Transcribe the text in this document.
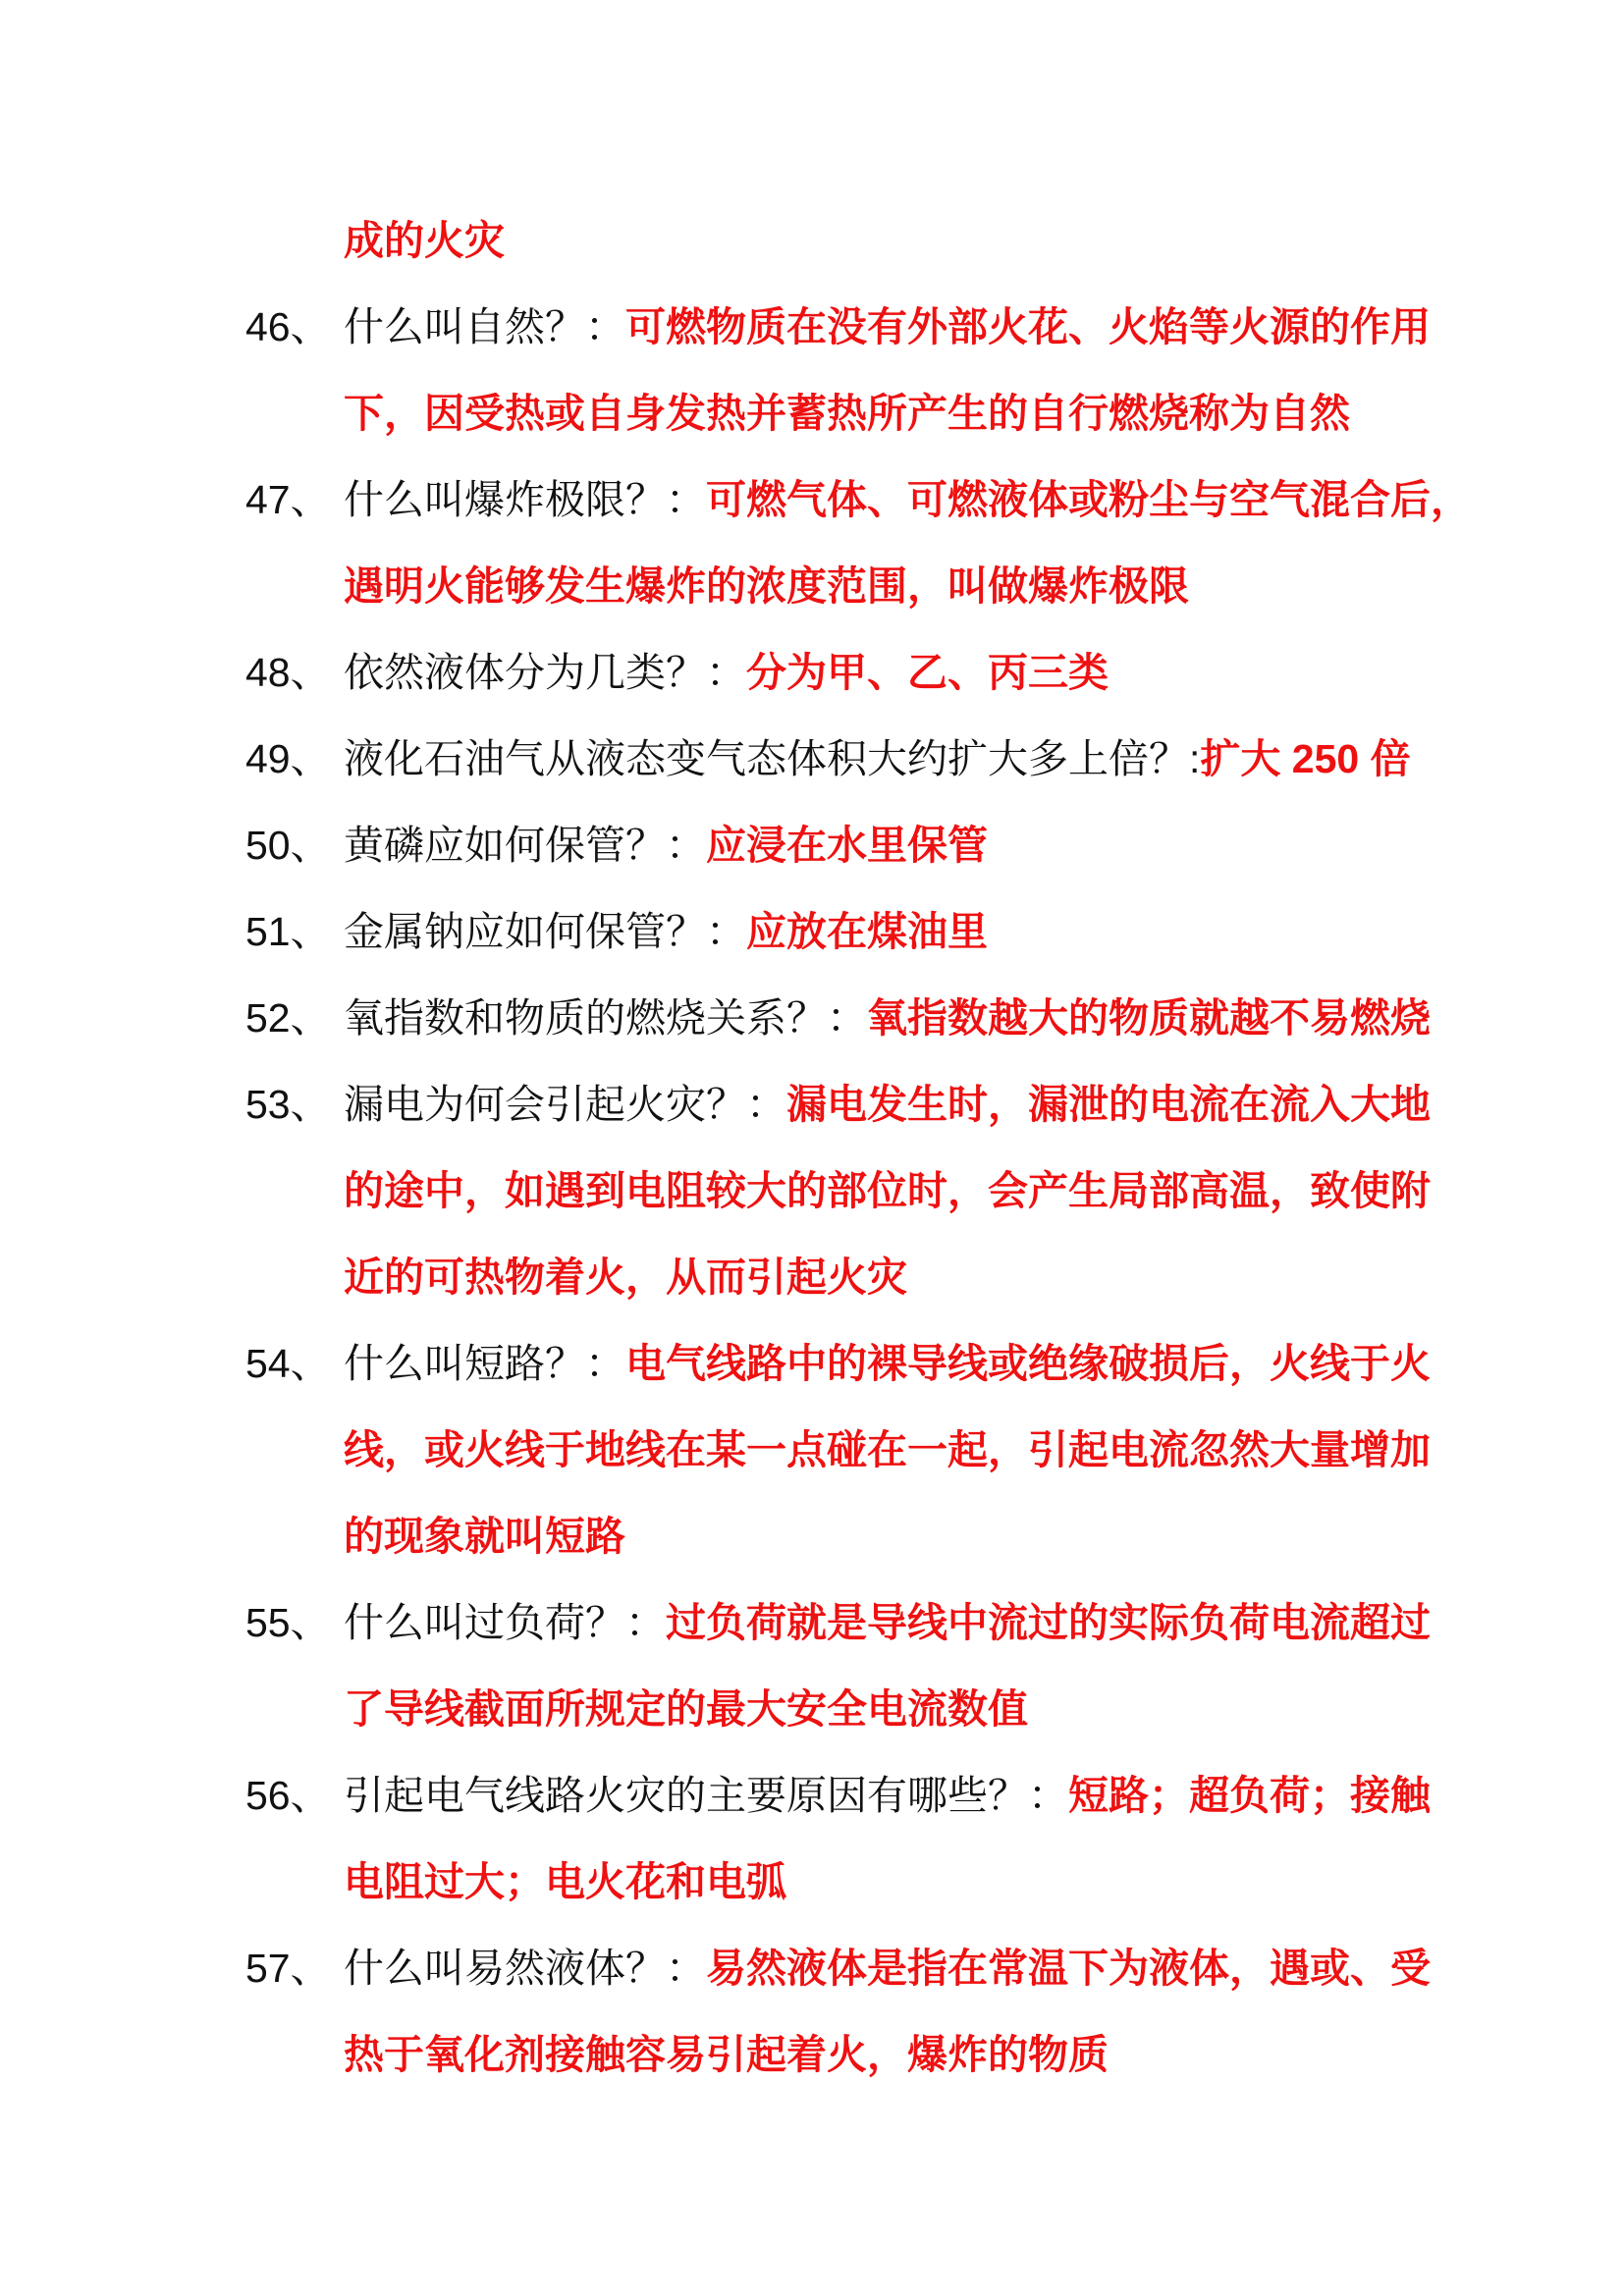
成的火灾
46、 什么叫自然？：可燃物质在没有外部火花、火焰等火源的作用
下，因受热或自身发热并蓄热所产生的自行燃烧称为自然
47、 什么叫爆炸极限？：可燃气体、可燃液体或粉尘与空气混合后，
遇明火能够发生爆炸的浓度范围，叫做爆炸极限
48、 依然液体分为几类？：分为甲、乙、丙三类
49、 液化石油气从液态变气态体积大约扩大多上倍？:扩大 250 倍
50、 黄磷应如何保管？：应浸在水里保管
51、 金属钠应如何保管？：应放在煤油里
52、 氧指数和物质的燃烧关系？：氧指数越大的物质就越不易燃烧
53、 漏电为何会引起火灾？：漏电发生时，漏泄的电流在流入大地
的途中，如遇到电阻较大的部位时，会产生局部高温，致使附
近的可热物着火，从而引起火灾
54、 什么叫短路？：电气线路中的裸导线或绝缘破损后，火线于火
线，或火线于地线在某一点碰在一起，引起电流忽然大量增加
的现象就叫短路
55、 什么叫过负荷？：过负荷就是导线中流过的实际负荷电流超过
了导线截面所规定的最大安全电流数值
56、 引起电气线路火灾的主要原因有哪些？：短路；超负荷；接触
电阻过大；电火花和电弧
57、 什么叫易然液体？：易然液体是指在常温下为液体，遇或、受
热于氧化剂接触容易引起着火，爆炸的物质
